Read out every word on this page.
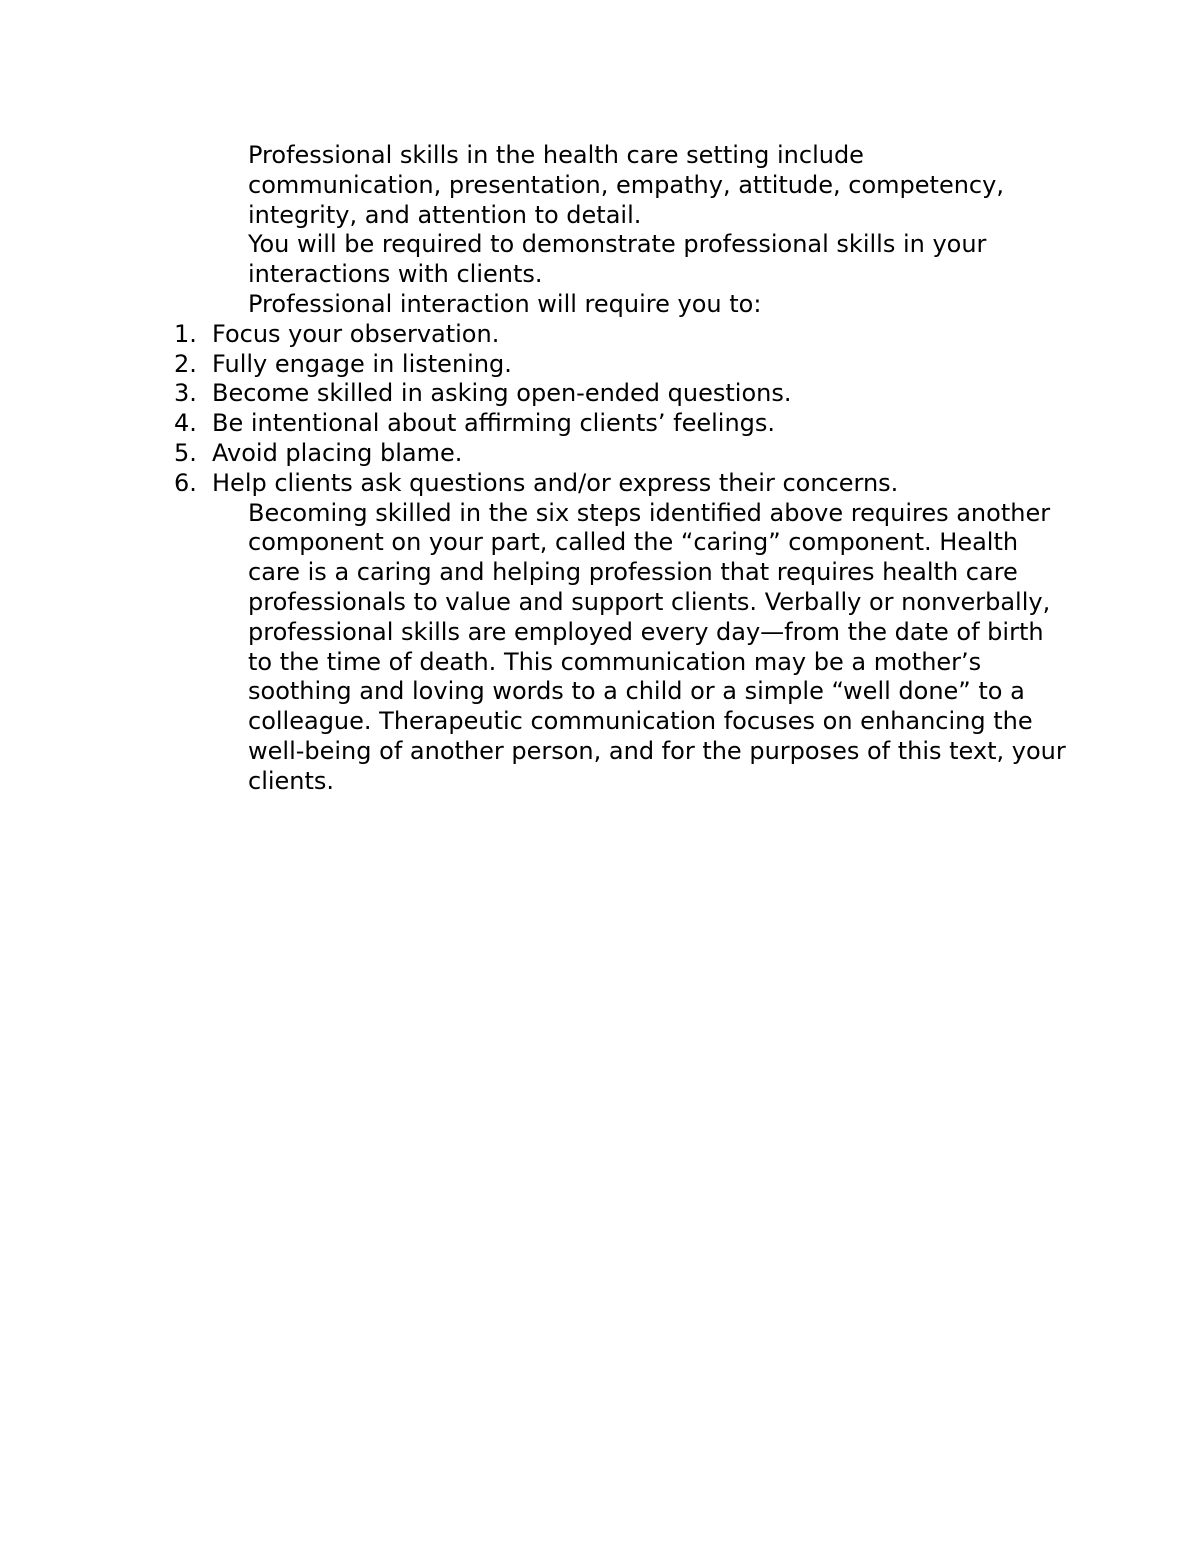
Professional skills in the health care setting include communication, presentation, empathy, attitude, competency, integrity, and attention to detail.

You will be required to demonstrate professional skills in your interactions with clients.

Professional interaction will require you to:

1. Focus your observation.
2. Fully engage in listening.
3. Become skilled in asking open-ended questions.
4. Be intentional about affirming clients’ feelings.
5. Avoid placing blame.
6. Help clients ask questions and/or express their concerns.

Becoming skilled in the six steps identified above requires another component on your part, called the “caring” component. Health care is a caring and helping profession that requires health care professionals to value and support clients. Verbally or nonverbally, professional skills are employed every day—from the date of birth to the time of death. This communication may be a mother’s soothing and loving words to a child or a simple “well done” to a colleague. Therapeutic communication focuses on enhancing the well-being of another person, and for the purposes of this text, your clients.
